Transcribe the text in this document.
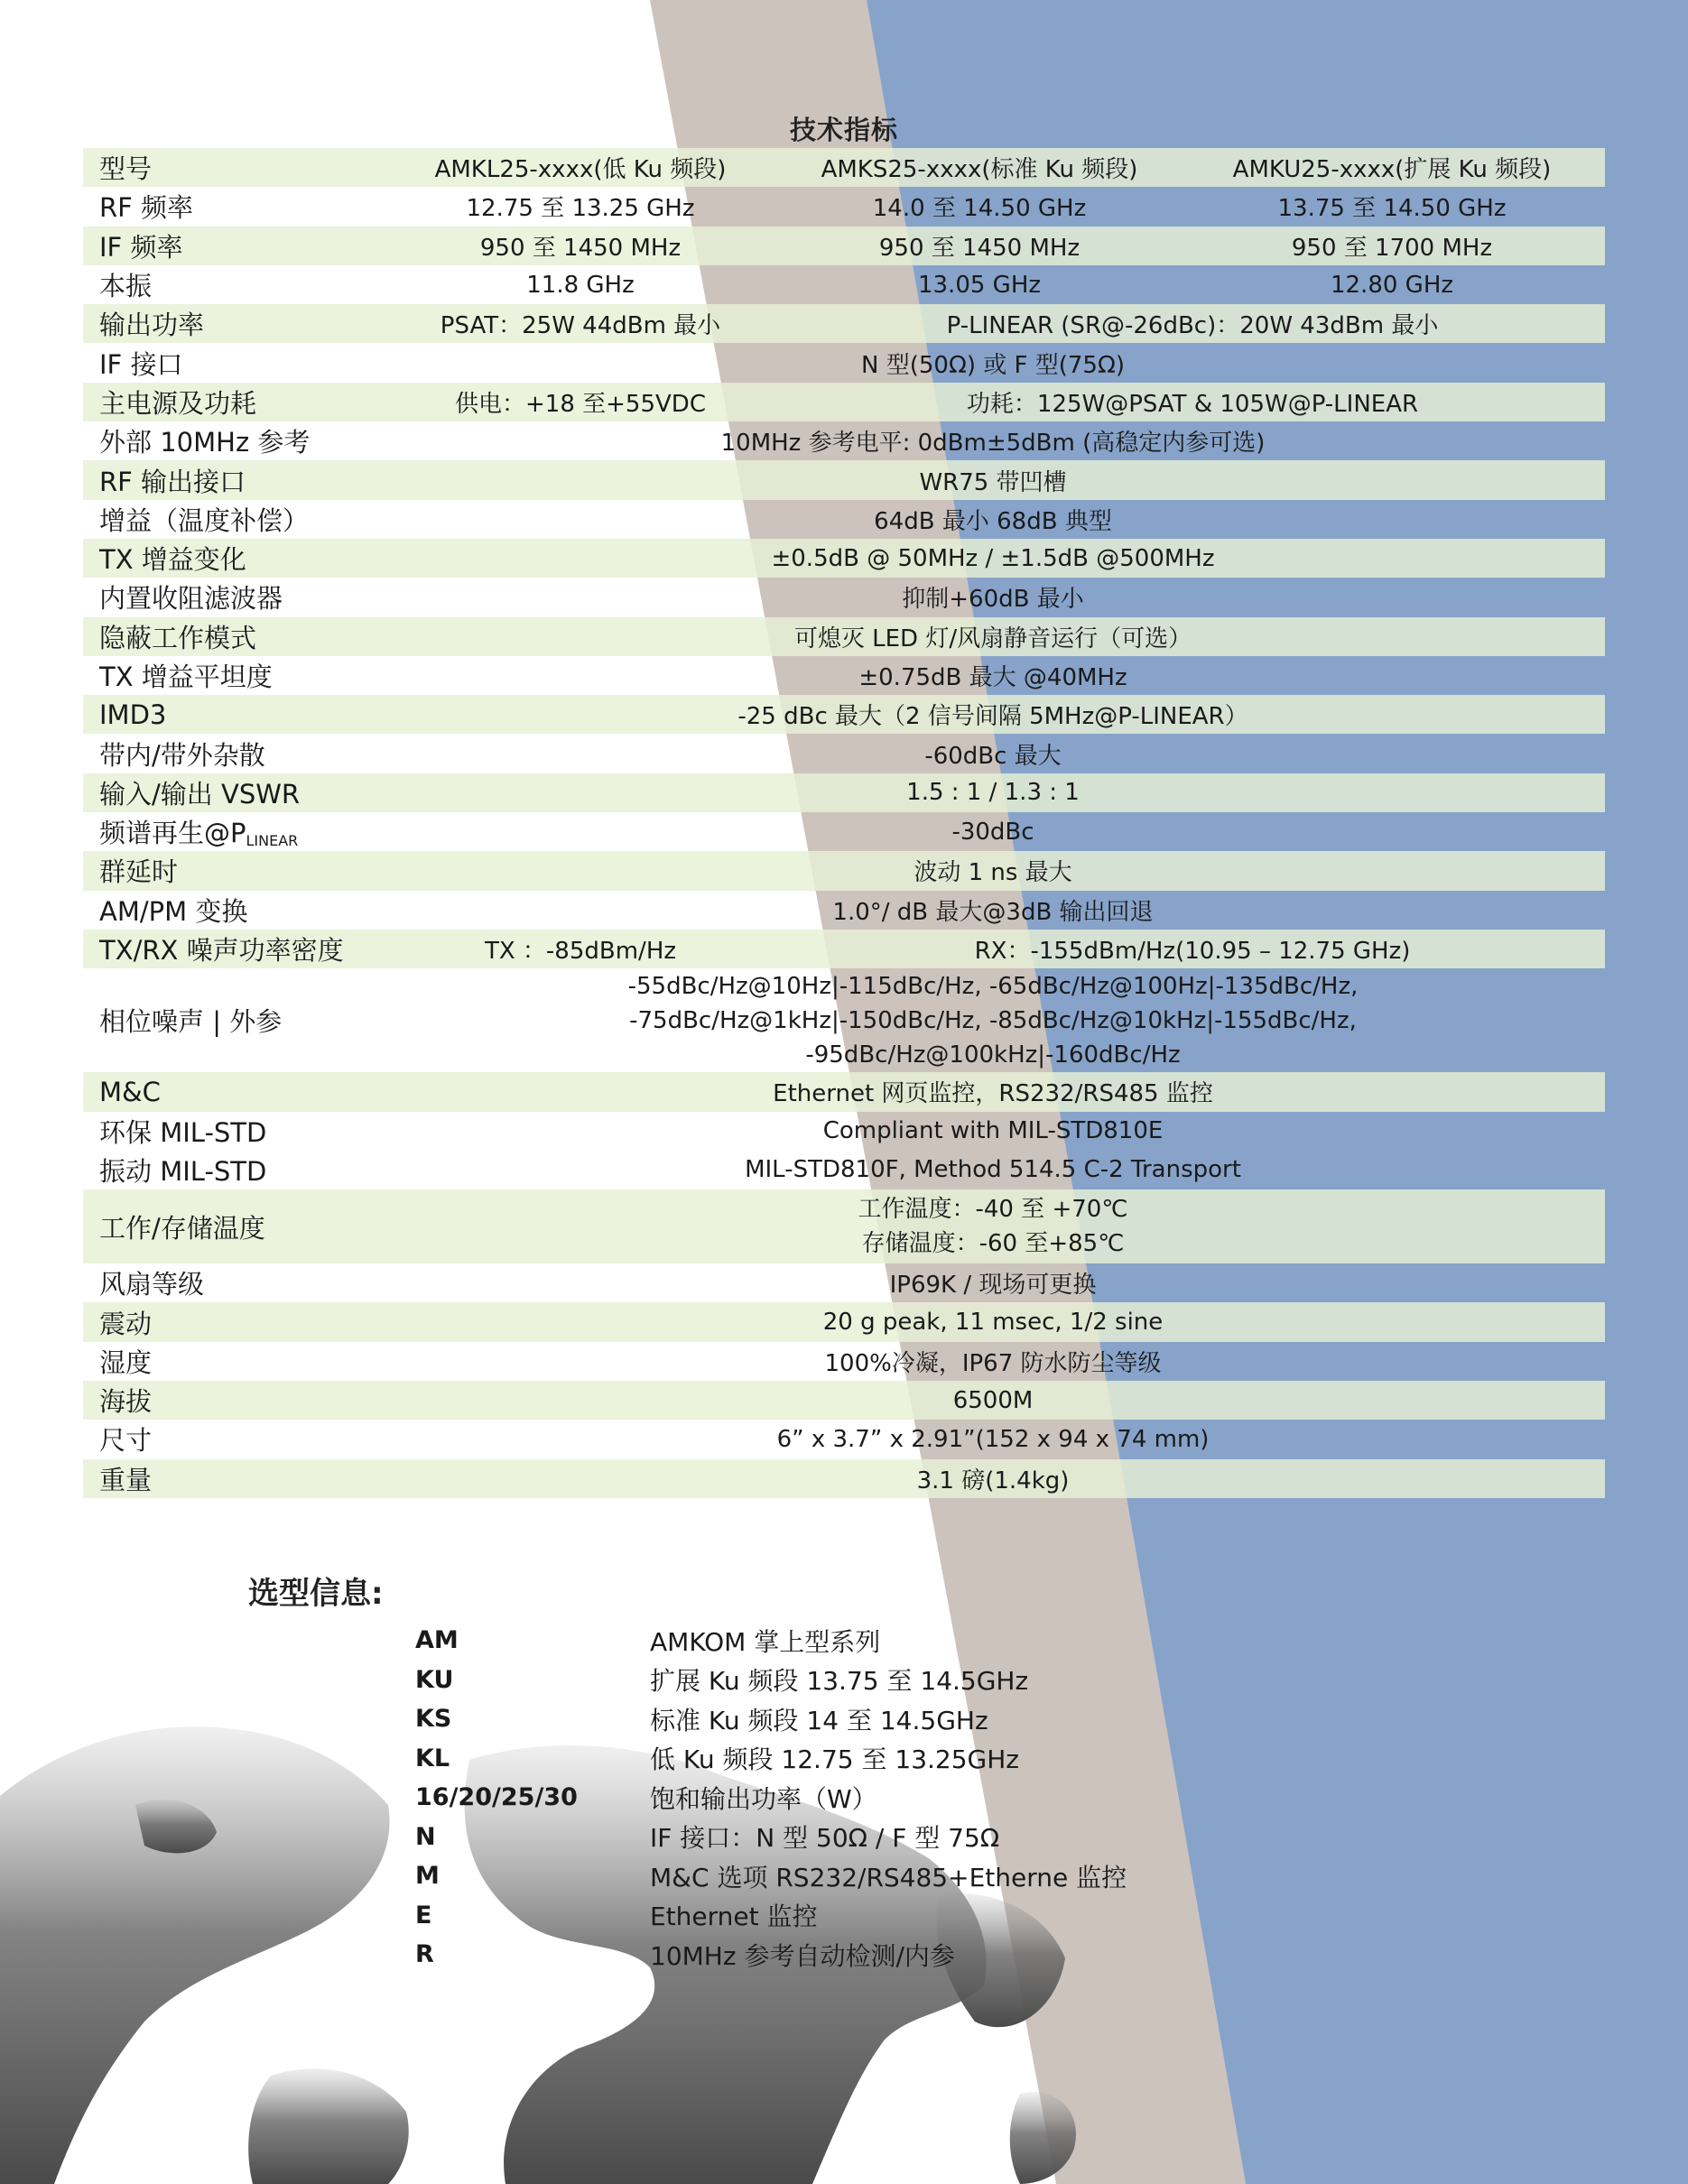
技术指标
型号	AMKL25-xxxx(低 Ku 频段)	AMKS25-xxxx(标准 Ku 频段)	AMKU25-xxxx(扩展 Ku 频段)
RF 频率	12.75 至 13.25 GHz	14.0 至 14.50 GHz	13.75 至 14.50 GHz
IF 频率	950 至 1450 MHz	950 至 1450 MHz	950 至 1700 MHz
本振	11.8 GHz	13.05 GHz	12.80 GHz
输出功率	PSAT：25W 44dBm 最小	P-LINEAR (SR@-26dBc)：20W 43dBm 最小	
IF 接口	N 型(50Ω) 或 F 型(75Ω)		
主电源及功耗	供电：+18 至+55VDC	功耗：125W@PSAT & 105W@P-LINEAR	
外部 10MHz 参考	10MHz 参考电平: 0dBm±5dBm (高稳定内参可选)		
RF 输出接口	WR75 带凹槽		
增益（温度补偿）	64dB 最小 68dB 典型		
TX 增益变化	±0.5dB @ 50MHz / ±1.5dB @500MHz		
内置收阻滤波器	抑制+60dB 最小		
隐蔽工作模式	可熄灭 LED 灯/风扇静音运行（可选）		
TX 增益平坦度	±0.75dB 最大 @40MHz		
IMD3	-25 dBc 最大（2 信号间隔 5MHz@P-LINEAR）		
带内/带外杂散	-60dBc 最大		
输入/输出 VSWR	1.5 : 1 / 1.3 : 1		
频谱再生$@P_{LINEAR}$	-30dBc		
群延时	波动 1 ns 最大		
AM/PM 变换	1.0°/ dB 最大@3dB 输出回退		
TX/RX 噪声功率密度	TX ：-85dBm/Hz	RX：-155dBm/Hz(10.95 – 12.75 GHz)	
相位噪声 | 外参	-55dBc/Hz@10Hz|-115dBc/Hz, -65dBc/Hz@100Hz|-135dBc/Hz,
-75dBc/Hz@1kHz|-150dBc/Hz, -85dBc/Hz@10kHz|-155dBc/Hz,
-95dBc/Hz@100kHz|-160dBc/Hz		

M&C	Ethernet 网页监控，RS232/RS485 监控		
环保 MIL-STD	Compliant with MIL-STD810E		
振动 MIL-STD	MIL-STD810F, Method 514.5 C-2 Transport		
工作/存储温度	工作温度：-40 至 +70℃
存储温度：-60 至+85℃		

风扇等级	IP69K / 现场可更换		
震动	20 g peak, 11 msec, 1/2 sine		
湿度	100%冷凝，IP67 防水防尘等级		
海拔	6500M		
尺寸	6” x 3.7” x 2.91”(152 x 94 x 74 mm)		
重量	3.1 磅(1.4kg)		
选型信息:
AM	AMKOM 掌上型系列
KU	扩展 Ku 频段 13.75 至 14.5GHz
KS	标准 Ku 频段 14 至 14.5GHz
KL	低 Ku 频段 12.75 至 13.25GHz
16/20/25/30	饱和输出功率（W）
N	IF 接口：N 型 50Ω / F 型 75Ω
M	M&C 选项 RS232/RS485+Etherne 监控
E	Ethernet 监控
R	10MHz 参考自动检测/内参
